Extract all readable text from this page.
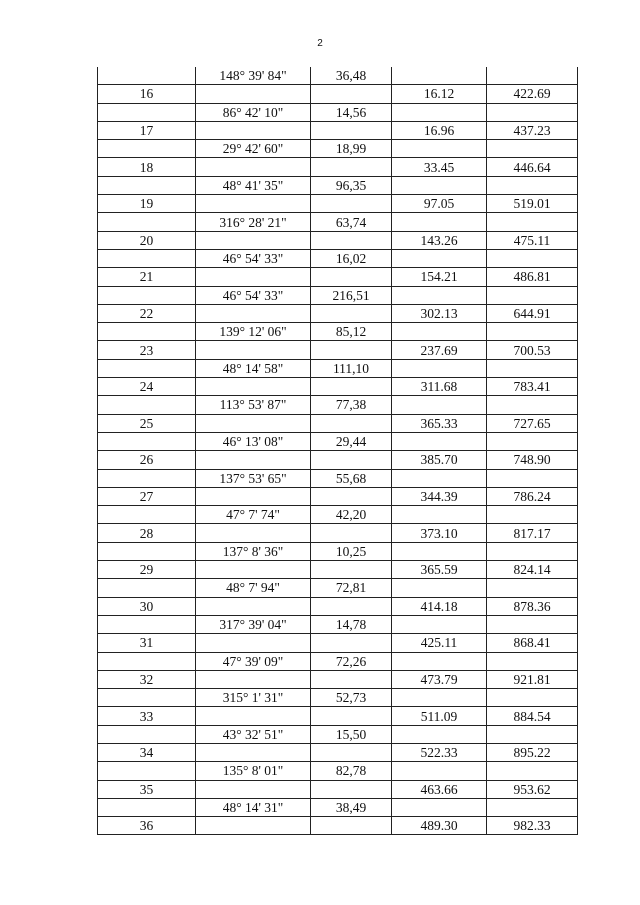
2
	148° 39' 84"	36,48		
16			16.12	422.69
	86° 42' 10"	14,56		
17			16.96	437.23
	29° 42' 60"	18,99		
18			33.45	446.64
	48° 41' 35"	96,35		
19			97.05	519.01
	316° 28' 21"	63,74		
20			143.26	475.11
	46° 54' 33"	16,02		
21			154.21	486.81
	46° 54' 33"	216,51		
22			302.13	644.91
	139° 12' 06"	85,12		
23			237.69	700.53
	48° 14' 58"	111,10		
24			311.68	783.41
	113° 53' 87"	77,38		
25			365.33	727.65
	46° 13' 08"	29,44		
26			385.70	748.90
	137° 53' 65"	55,68		
27			344.39	786.24
	47° 7' 74"	42,20		
28			373.10	817.17
	137° 8' 36"	10,25		
29			365.59	824.14
	48° 7' 94"	72,81		
30			414.18	878.36
	317° 39' 04"	14,78		
31			425.11	868.41
	47° 39' 09"	72,26		
32			473.79	921.81
	315° 1' 31"	52,73		
33			511.09	884.54
	43° 32' 51"	15,50		
34			522.33	895.22
	135° 8' 01"	82,78		
35			463.66	953.62
	48° 14' 31"	38,49		
36			489.30	982.33
